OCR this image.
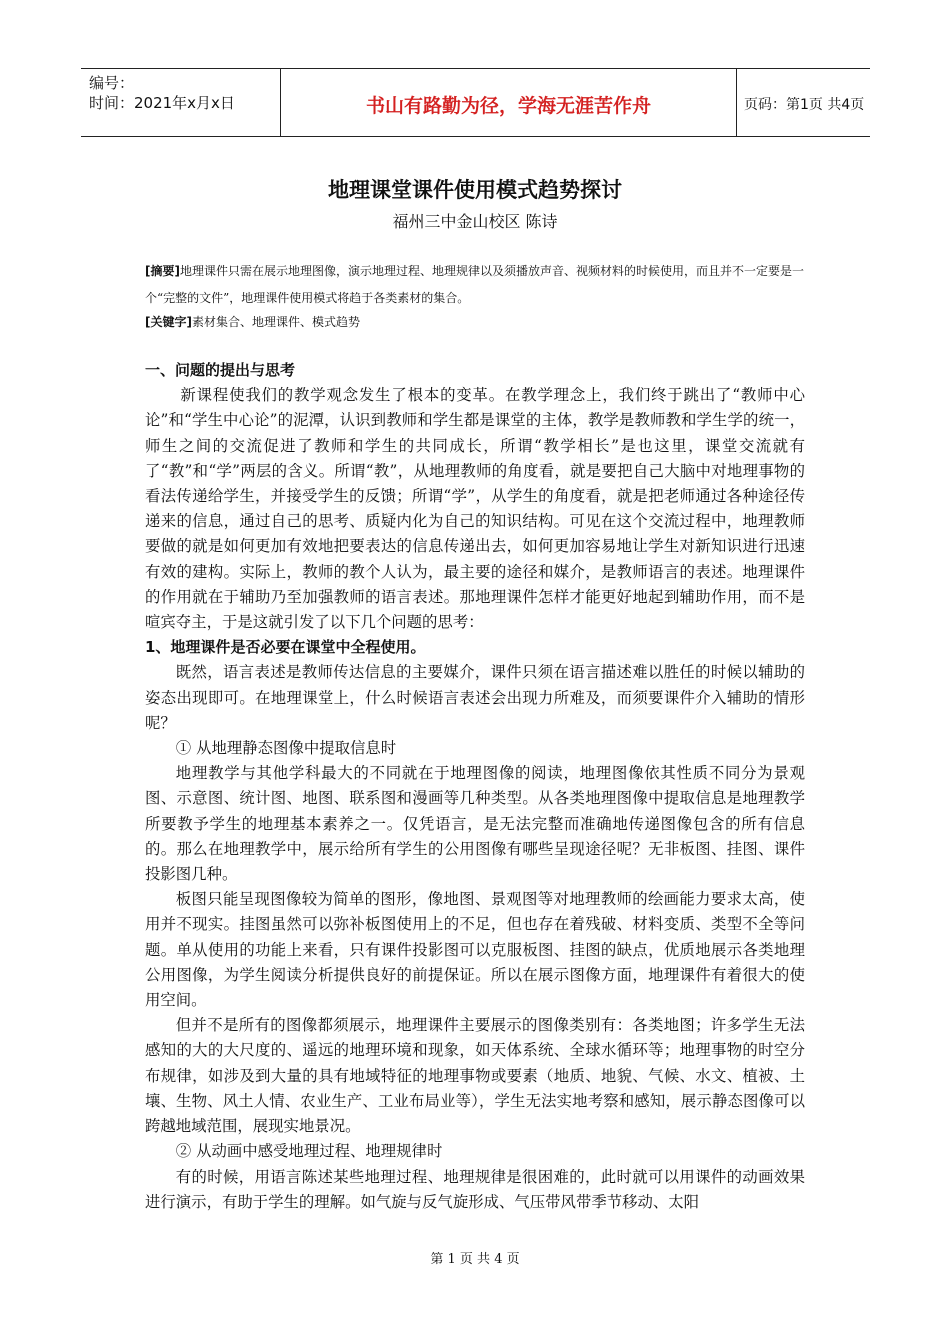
编号：
时间：2021年x月x日	书山有路勤为径，学海无涯苦作舟	页码：第1页 共4页
地理课堂课件使用模式趋势探讨
福州三中金山校区 陈诗
[摘要]地理课件只需在展示地理图像，演示地理过程、地理规律以及须播放声音、视频材料的时候使用，而且并不一定要是一个“完整的文件”，地理课件使用模式将趋于各类素材的集合。
[关键字]素材集合、地理课件、模式趋势

一、问题的提出与思考

新课程使我们的教学观念发生了根本的变革。在教学理念上，我们终于跳出了“教师中心论”和“学生中心论”的泥潭，认识到教师和学生都是课堂的主体，教学是教师教和学生学的统一，师生之间的交流促进了教师和学生的共同成长，所谓“教学相长”是也这里，课堂交流就有了“教”和“学”两层的含义。所谓“教”，从地理教师的角度看，就是要把自己大脑中对地理事物的看法传递给学生，并接受学生的反馈；所谓“学”，从学生的角度看，就是把老师通过各种途径传递来的信息，通过自己的思考、质疑内化为自己的知识结构。可见在这个交流过程中，地理教师要做的就是如何更加有效地把要表达的信息传递出去，如何更加容易地让学生对新知识进行迅速有效的建构。实际上，教师的教个人认为，最主要的途径和媒介，是教师语言的表述。地理课件的作用就在于辅助乃至加强教师的语言表述。那地理课件怎样才能更好地起到辅助作用，而不是喧宾夺主，于是这就引发了以下几个问题的思考：

1、地理课件是否必要在课堂中全程使用。

既然，语言表述是教师传达信息的主要媒介，课件只须在语言描述难以胜任的时候以辅助的姿态出现即可。在地理课堂上，什么时候语言表述会出现力所难及，而须要课件介入辅助的情形呢？

① 从地理静态图像中提取信息时

地理教学与其他学科最大的不同就在于地理图像的阅读，地理图像依其性质不同分为景观图、示意图、统计图、地图、联系图和漫画等几种类型。从各类地理图像中提取信息是地理教学所要教予学生的地理基本素养之一。仅凭语言，是无法完整而准确地传递图像包含的所有信息的。那么在地理教学中，展示给所有学生的公用图像有哪些呈现途径呢？无非板图、挂图、课件投影图几种。

板图只能呈现图像较为简单的图形，像地图、景观图等对地理教师的绘画能力要求太高，使用并不现实。挂图虽然可以弥补板图使用上的不足，但也存在着残破、材料变质、类型不全等问题。单从使用的功能上来看，只有课件投影图可以克服板图、挂图的缺点，优质地展示各类地理公用图像，为学生阅读分析提供良好的前提保证。所以在展示图像方面，地理课件有着很大的使用空间。

但并不是所有的图像都须展示，地理课件主要展示的图像类别有：各类地图；许多学生无法感知的大的大尺度的、遥远的地理环境和现象，如天体系统、全球水循环等；地理事物的时空分布规律，如涉及到大量的具有地域特征的地理事物或要素（地质、地貌、气候、水文、植被、土壤、生物、风土人情、农业生产、工业布局业等），学生无法实地考察和感知，展示静态图像可以跨越地域范围，展现实地景况。

② 从动画中感受地理过程、地理规律时

有的时候，用语言陈述某些地理过程、地理规律是很困难的，此时就可以用课件的动画效果进行演示，有助于学生的理解。如气旋与反气旋形成、气压带风带季节移动、太阳

第 1 页 共 4 页
